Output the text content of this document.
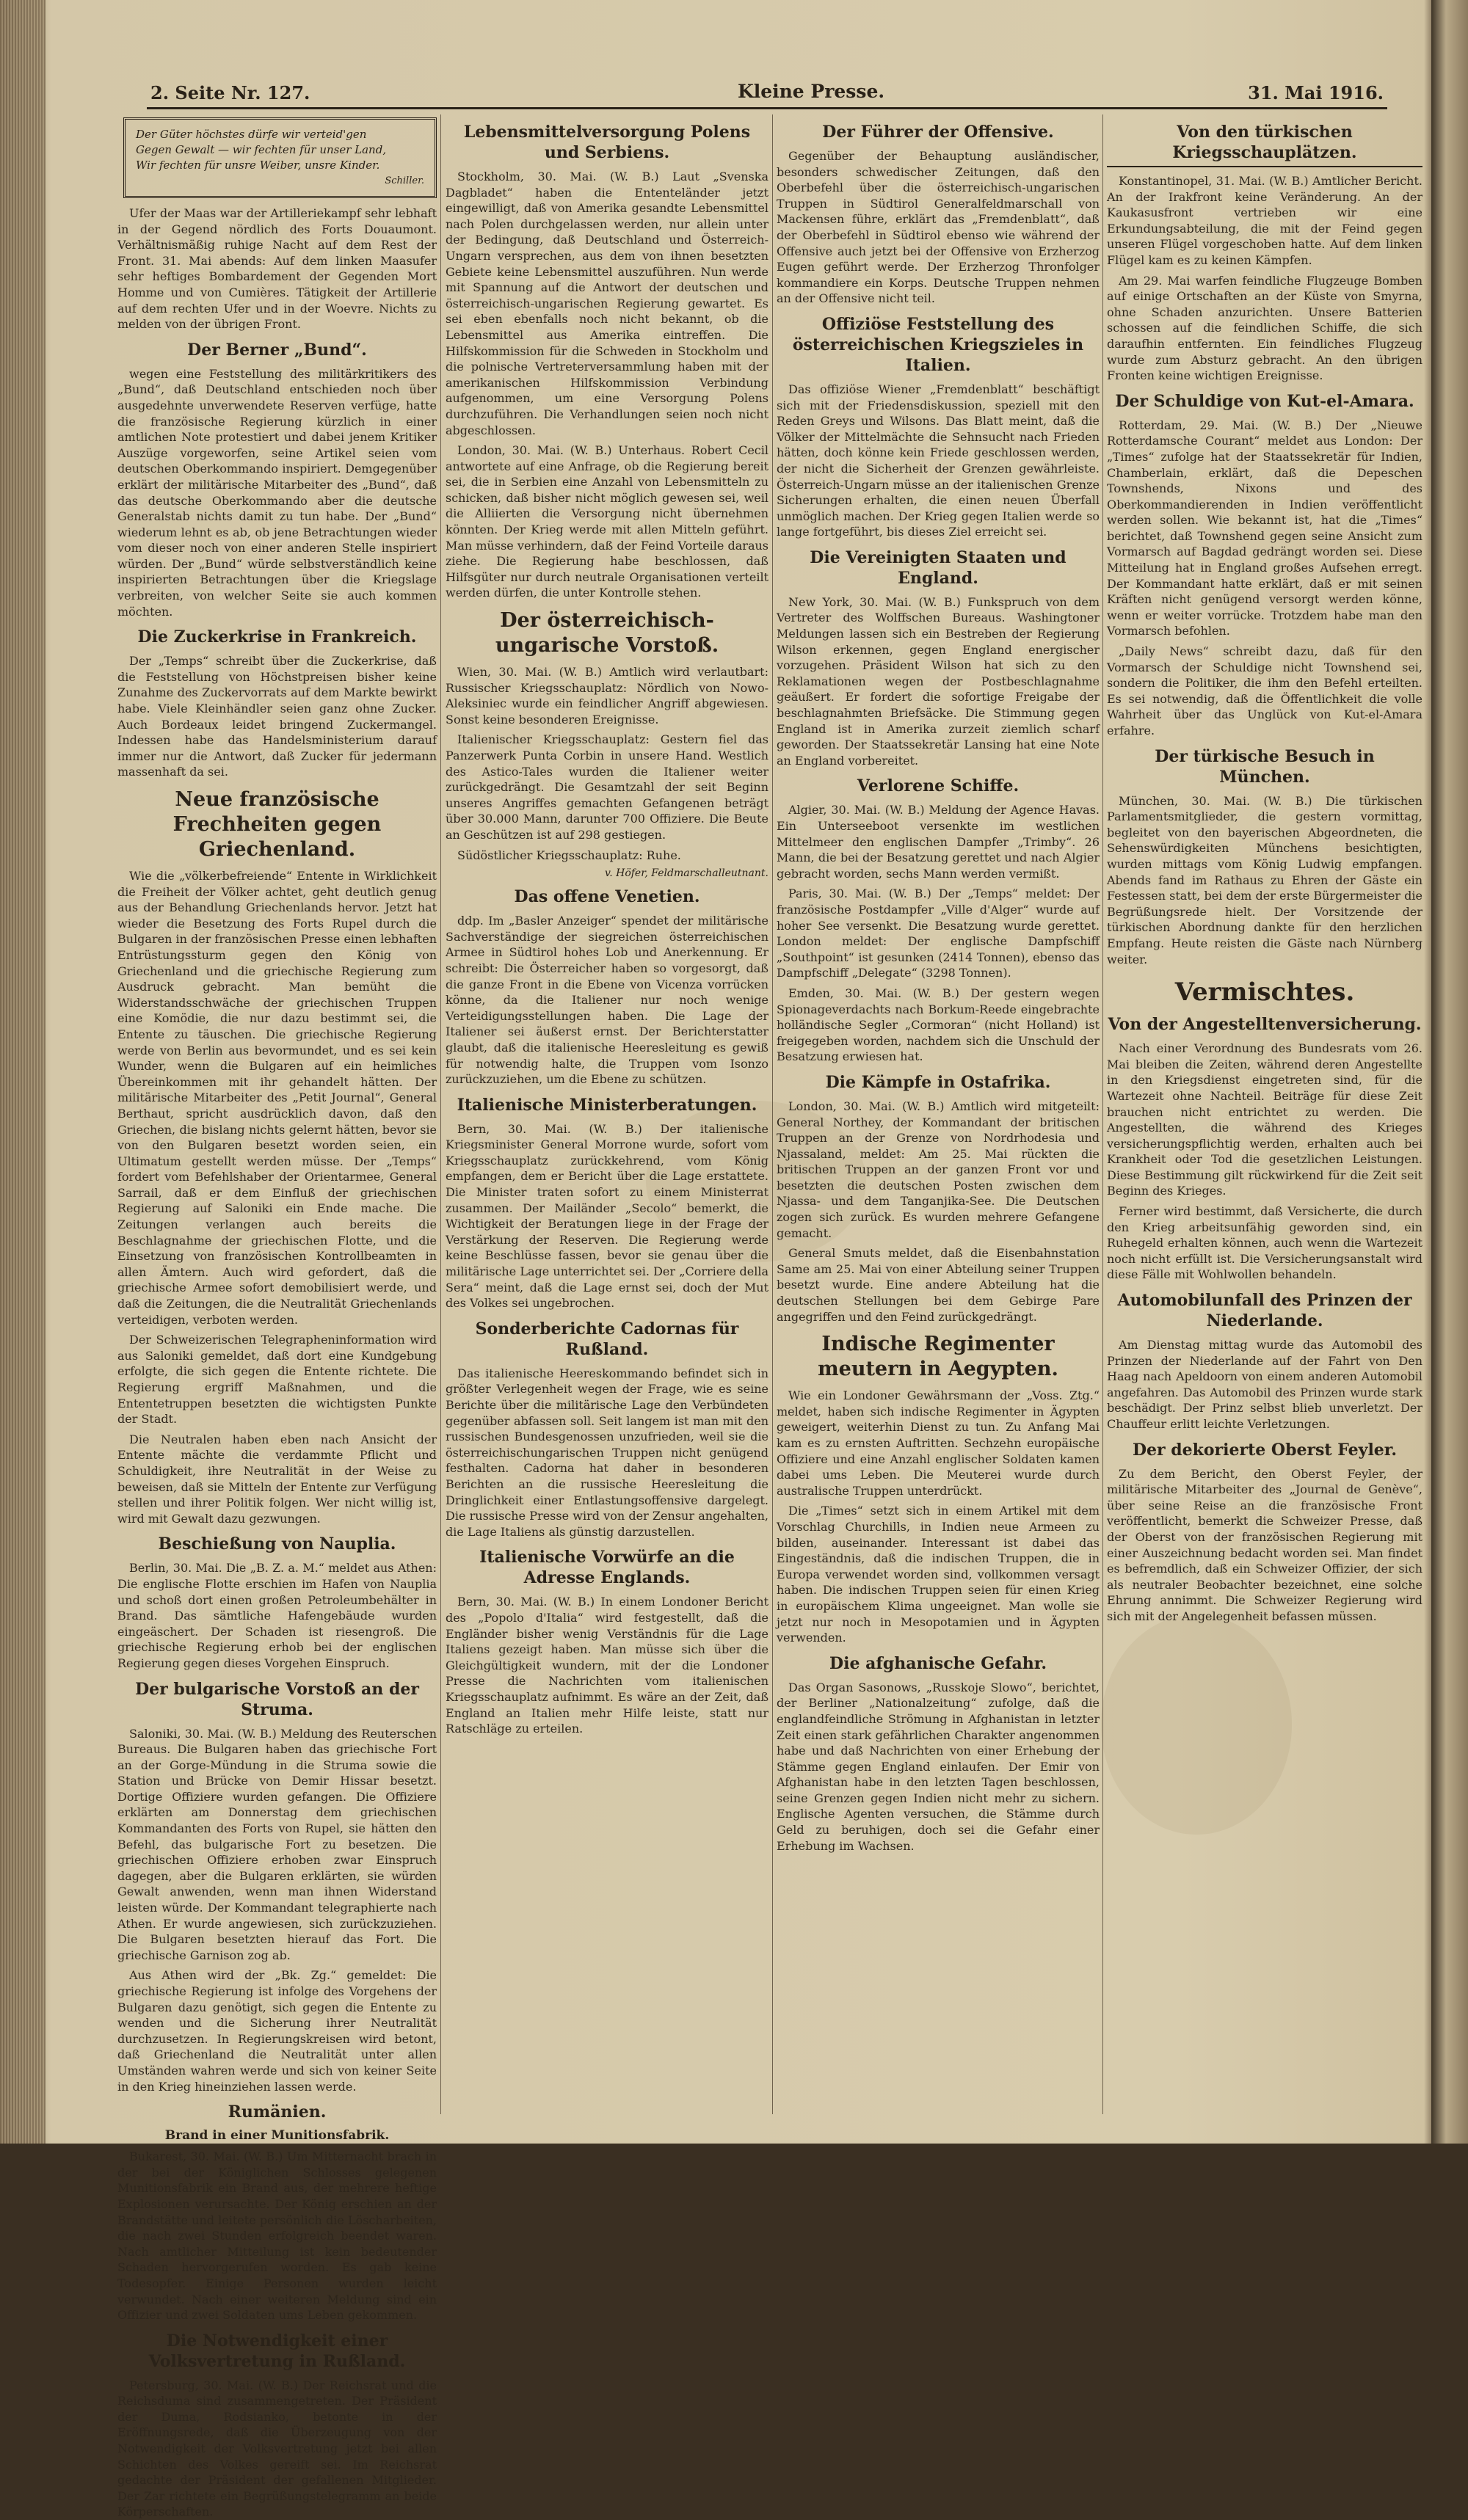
2. Seite Nr. 127.	Kleine Presse.	31. Mai 1916.
Der Güter höchstes dürfe wir verteid'gen
Gegen Gewalt — wir fechten für unser Land,
Wir fechten für unsre Weiber, unsre Kinder.
Schiller.

Ufer der Maas war der Artilleriekampf sehr lebhaft in der Gegend nördlich des Forts Douaumont. Verhältnismäßig ruhige Nacht auf dem Rest der Front. 31. Mai abends: Auf dem linken Maasufer sehr heftiges Bombardement der Gegenden Mort Homme und von Cumières. Tätigkeit der Artillerie auf dem rechten Ufer und in der Woevre. Nichts zu melden von der übrigen Front.

Der Berner „Bund“.

wegen eine Feststellung des militärkritikers des „Bund“, daß Deutschland entschieden noch über ausgedehnte unverwendete Reserven verfüge, hatte die französische Regierung kürzlich in einer amtlichen Note protestiert und dabei jenem Kritiker Auszüge vorgeworfen, seine Artikel seien vom deutschen Oberkommando inspiriert. Demgegenüber erklärt der militärische Mitarbeiter des „Bund“, daß das deutsche Oberkommando aber die deutsche Generalstab nichts damit zu tun habe. Der „Bund“ wiederum lehnt es ab, ob jene Betrachtungen wieder vom dieser noch von einer anderen Stelle inspiriert würden. Der „Bund“ würde selbstverständlich keine inspirierten Betrachtungen über die Kriegslage verbreiten, von welcher Seite sie auch kommen möchten.

Die Zuckerkrise in Frankreich.

Der „Temps“ schreibt über die Zuckerkrise, daß die Feststellung von Höchstpreisen bisher keine Zunahme des Zuckervorrats auf dem Markte bewirkt habe. Viele Kleinhändler seien ganz ohne Zucker. Auch Bordeaux leidet bringend Zuckermangel. Indessen habe das Handelsministerium darauf immer nur die Antwort, daß Zucker für jedermann massenhaft da sei.

Neue französische Frechheiten gegen Griechenland.

Wie die „völkerbefreiende“ Entente in Wirklichkeit die Freiheit der Völker achtet, geht deutlich genug aus der Behandlung Griechenlands hervor. Jetzt hat wieder die Besetzung des Forts Rupel durch die Bulgaren in der französischen Presse einen lebhaften Entrüstungssturm gegen den König von Griechenland und die griechische Regierung zum Ausdruck gebracht. Man bemüht die Widerstandsschwäche der griechischen Truppen eine Komödie, die nur dazu bestimmt sei, die Entente zu täuschen. Die griechische Regierung werde von Berlin aus bevormundet, und es sei kein Wunder, wenn die Bulgaren auf ein heimliches Übereinkommen mit ihr gehandelt hätten. Der militärische Mitarbeiter des „Petit Journal“, General Berthaut, spricht ausdrücklich davon, daß den Griechen, die bislang nichts gelernt hätten, bevor sie von den Bulgaren besetzt worden seien, ein Ultimatum gestellt werden müsse. Der „Temps“ fordert vom Befehlshaber der Orientarmee, General Sarrail, daß er dem Einfluß der griechischen Regierung auf Saloniki ein Ende mache. Die Zeitungen verlangen auch bereits die Beschlagnahme der griechischen Flotte, und die Einsetzung von französischen Kontrollbeamten in allen Ämtern. Auch wird gefordert, daß die griechische Armee sofort demobilisiert werde, und daß die Zeitungen, die die Neutralität Griechenlands verteidigen, verboten werden.

Der Schweizerischen Telegrapheninformation wird aus Saloniki gemeldet, daß dort eine Kundgebung erfolgte, die sich gegen die Entente richtete. Die Regierung ergriff Maßnahmen, und die Ententetruppen besetzten die wichtigsten Punkte der Stadt.

Die Neutralen haben eben nach Ansicht der Entente mächte die verdammte Pflicht und Schuldigkeit, ihre Neutralität in der Weise zu beweisen, daß sie Mitteln der Entente zur Verfügung stellen und ihrer Politik folgen. Wer nicht willig ist, wird mit Gewalt dazu gezwungen.

Beschießung von Nauplia.

Berlin, 30. Mai. Die „B. Z. a. M.“ meldet aus Athen: Die englische Flotte erschien im Hafen von Nauplia und schoß dort einen großen Petroleumbehälter in Brand. Das sämtliche Hafengebäude wurden eingeäschert. Der Schaden ist riesengroß. Die griechische Regierung erhob bei der englischen Regierung gegen dieses Vorgehen Einspruch.

Der bulgarische Vorstoß an der Struma.

Saloniki, 30. Mai. (W. B.) Meldung des Reuterschen Bureaus. Die Bulgaren haben das griechische Fort an der Gorge-Mündung in die Struma sowie die Station und Brücke von Demir Hissar besetzt. Dortige Offiziere wurden gefangen. Die Offiziere erklärten am Donnerstag dem griechischen Kommandanten des Forts von Rupel, sie hätten den Befehl, das bulgarische Fort zu besetzen. Die griechischen Offiziere erhoben zwar Einspruch dagegen, aber die Bulgaren erklärten, sie würden Gewalt anwenden, wenn man ihnen Widerstand leisten würde. Der Kommandant telegraphierte nach Athen. Er wurde angewiesen, sich zurückzuziehen. Die Bulgaren besetzten hierauf das Fort. Die griechische Garnison zog ab.

Aus Athen wird der „Bk. Zg.“ gemeldet: Die griechische Regierung ist infolge des Vorgehens der Bulgaren dazu genötigt, sich gegen die Entente zu wenden und die Sicherung ihrer Neutralität durchzusetzen. In Regierungskreisen wird betont, daß Griechenland die Neutralität unter allen Umständen wahren werde und sich von keiner Seite in den Krieg hineinziehen lassen werde.

Rumänien.
Brand in einer Munitionsfabrik.

Bukarest, 30. Mai. (W. B.) Um Mitternacht brach in der bei der Königlichen Schlosses gelegenen Munitionsfabrik ein Brand aus, der mehrere heftige Explosionen verursachte. Der König erschien an der Brandstätte und leitete persönlich die Löscharbeiten, die nach zwei Stunden erfolgreich beendet waren. Nach amtlicher Mitteilung ist kein bedeutender Schaden hervorgerufen worden. Es gab keine Todesopfer. Einige Personen wurden leicht verwundet. Nach einer weiteren Meldung sind ein Offizier und zwei Soldaten ums Leben gekommen.

Die Notwendigkeit einer Volksvertretung in Rußland.

Petersburg, 30. Mai. (W. B.) Der Reichsrat und die Reichsduma sind zusammengetreten. Der Präsident der Duma, Rodsianko, betonte in der Eröffnungsrede, daß die Überzeugung von der Notwendigkeit der Volksvertretung jetzt bei allen Schichten des Volkes gereift sei. Im Reichsrat gedachte der Präsident der gefallenen Mitglieder. Der Zar richtete ein Begrüßungstelegramm an beide Körperschaften.

Lebensmittelversorgung Polens und Serbiens.

Stockholm, 30. Mai. (W. B.) Laut „Svenska Dagbladet“ haben die Ententeländer jetzt eingewilligt, daß von Amerika gesandte Lebensmittel nach Polen durchgelassen werden, nur allein unter der Bedingung, daß Deutschland und Österreich-Ungarn versprechen, aus dem von ihnen besetzten Gebiete keine Lebensmittel auszuführen. Nun werde mit Spannung auf die Antwort der deutschen und österreichisch-ungarischen Regierung gewartet. Es sei eben ebenfalls noch nicht bekannt, ob die Lebensmittel aus Amerika eintreffen. Die Hilfskommission für die Schweden in Stockholm und die polnische Vertreterversammlung haben mit der amerikanischen Hilfskommission Verbindung aufgenommen, um eine Versorgung Polens durchzuführen. Die Verhandlungen seien noch nicht abgeschlossen.

London, 30. Mai. (W. B.) Unterhaus. Robert Cecil antwortete auf eine Anfrage, ob die Regierung bereit sei, die in Serbien eine Anzahl von Lebensmitteln zu schicken, daß bisher nicht möglich gewesen sei, weil die Alliierten die Versorgung nicht übernehmen könnten. Der Krieg werde mit allen Mitteln geführt. Man müsse verhindern, daß der Feind Vorteile daraus ziehe. Die Regierung habe beschlossen, daß Hilfsgüter nur durch neutrale Organisationen verteilt werden dürfen, die unter Kontrolle stehen.

Der österreichisch-ungarische Vorstoß.

Wien, 30. Mai. (W. B.) Amtlich wird verlautbart: Russischer Kriegsschauplatz: Nördlich von Nowo-Aleksiniec wurde ein feindlicher Angriff abgewiesen. Sonst keine besonderen Ereignisse.

Italienischer Kriegsschauplatz: Gestern fiel das Panzerwerk Punta Corbin in unsere Hand. Westlich des Astico-Tales wurden die Italiener weiter zurückgedrängt. Die Gesamtzahl der seit Beginn unseres Angriffes gemachten Gefangenen beträgt über 30.000 Mann, darunter 700 Offiziere. Die Beute an Geschützen ist auf 298 gestiegen.

Südöstlicher Kriegsschauplatz: Ruhe.

v. Höfer, Feldmarschalleutnant.
Das offene Venetien.

ddp. Im „Basler Anzeiger“ spendet der militärische Sachverständige der siegreichen österreichischen Armee in Südtirol hohes Lob und Anerkennung. Er schreibt: Die Österreicher haben so vorgesorgt, daß die ganze Front in die Ebene von Vicenza vorrücken könne, da die Italiener nur noch wenige Verteidigungsstellungen haben. Die Lage der Italiener sei äußerst ernst. Der Berichterstatter glaubt, daß die italienische Heeresleitung es gewiß für notwendig halte, die Truppen vom Isonzo zurückzuziehen, um die Ebene zu schützen.

Italienische Ministerberatungen.

Bern, 30. Mai. (W. B.) Der italienische Kriegsminister General Morrone wurde, sofort vom Kriegsschauplatz zurückkehrend, vom König empfangen, dem er Bericht über die Lage erstattete. Die Minister traten sofort zu einem Ministerrat zusammen. Der Mailänder „Secolo“ bemerkt, die Wichtigkeit der Beratungen liege in der Frage der Verstärkung der Reserven. Die Regierung werde keine Beschlüsse fassen, bevor sie genau über die militärische Lage unterrichtet sei. Der „Corriere della Sera“ meint, daß die Lage ernst sei, doch der Mut des Volkes sei ungebrochen.

Sonderberichte Cadornas für Rußland.

Das italienische Heereskommando befindet sich in größter Verlegenheit wegen der Frage, wie es seine Berichte über die militärische Lage den Verbündeten gegenüber abfassen soll. Seit langem ist man mit den russischen Bundesgenossen unzufrieden, weil sie die österreichischungarischen Truppen nicht genügend festhalten. Cadorna hat daher in besonderen Berichten an die russische Heeresleitung die Dringlichkeit einer Entlastungsoffensive dargelegt. Die russische Presse wird von der Zensur angehalten, die Lage Italiens als günstig darzustellen.

Italienische Vorwürfe an die Adresse Englands.

Bern, 30. Mai. (W. B.) In einem Londoner Bericht des „Popolo d'Italia“ wird festgestellt, daß die Engländer bisher wenig Verständnis für die Lage Italiens gezeigt haben. Man müsse sich über die Gleichgültigkeit wundern, mit der die Londoner Presse die Nachrichten vom italienischen Kriegsschauplatz aufnimmt. Es wäre an der Zeit, daß England an Italien mehr Hilfe leiste, statt nur Ratschläge zu erteilen.

Der Führer der Offensive.

Gegenüber der Behauptung ausländischer, besonders schwedischer Zeitungen, daß den Oberbefehl über die österreichisch-ungarischen Truppen in Südtirol Generalfeldmarschall von Mackensen führe, erklärt das „Fremdenblatt“, daß der Oberbefehl in Südtirol ebenso wie während der Offensive auch jetzt bei der Offensive von Erzherzog Eugen geführt werde. Der Erzherzog Thronfolger kommandiere ein Korps. Deutsche Truppen nehmen an der Offensive nicht teil.

Offiziöse Feststellung des österreichischen Kriegszieles in Italien.

Das offiziöse Wiener „Fremdenblatt“ beschäftigt sich mit der Friedensdiskussion, speziell mit den Reden Greys und Wilsons. Das Blatt meint, daß die Völker der Mittelmächte die Sehnsucht nach Frieden hätten, doch könne kein Friede geschlossen werden, der nicht die Sicherheit der Grenzen gewährleiste. Österreich-Ungarn müsse an der italienischen Grenze Sicherungen erhalten, die einen neuen Überfall unmöglich machen. Der Krieg gegen Italien werde so lange fortgeführt, bis dieses Ziel erreicht sei.

Die Vereinigten Staaten und England.

New York, 30. Mai. (W. B.) Funkspruch von dem Vertreter des Wolffschen Bureaus. Washingtoner Meldungen lassen sich ein Bestreben der Regierung Wilson erkennen, gegen England energischer vorzugehen. Präsident Wilson hat sich zu den Reklamationen wegen der Postbeschlagnahme geäußert. Er fordert die sofortige Freigabe der beschlagnahmten Briefsäcke. Die Stimmung gegen England ist in Amerika zurzeit ziemlich scharf geworden. Der Staatssekretär Lansing hat eine Note an England vorbereitet.

Verlorene Schiffe.

Algier, 30. Mai. (W. B.) Meldung der Agence Havas. Ein Unterseeboot versenkte im westlichen Mittelmeer den englischen Dampfer „Trimby“. 26 Mann, die bei der Besatzung gerettet und nach Algier gebracht worden, sechs Mann werden vermißt.

Paris, 30. Mai. (W. B.) Der „Temps“ meldet: Der französische Postdampfer „Ville d'Alger“ wurde auf hoher See versenkt. Die Besatzung wurde gerettet. London meldet: Der englische Dampfschiff „Southpoint“ ist gesunken (2414 Tonnen), ebenso das Dampfschiff „Delegate“ (3298 Tonnen).

Emden, 30. Mai. (W. B.) Der gestern wegen Spionageverdachts nach Borkum-Reede eingebrachte holländische Segler „Cormoran“ (nicht Holland) ist freigegeben worden, nachdem sich die Unschuld der Besatzung erwiesen hat.

Die Kämpfe in Ostafrika.

London, 30. Mai. (W. B.) Amtlich wird mitgeteilt: General Northey, der Kommandant der britischen Truppen an der Grenze von Nordrhodesia und Njassaland, meldet: Am 25. Mai rückten die britischen Truppen an der ganzen Front vor und besetzten die deutschen Posten zwischen dem Njassa- und dem Tanganjika-See. Die Deutschen zogen sich zurück. Es wurden mehrere Gefangene gemacht.

General Smuts meldet, daß die Eisenbahnstation Same am 25. Mai von einer Abteilung seiner Truppen besetzt wurde. Eine andere Abteilung hat die deutschen Stellungen bei dem Gebirge Pare angegriffen und den Feind zurückgedrängt.

Indische Regimenter meutern in Aegypten.

Wie ein Londoner Gewährsmann der „Voss. Ztg.“ meldet, haben sich indische Regimenter in Ägypten geweigert, weiterhin Dienst zu tun. Zu Anfang Mai kam es zu ernsten Auftritten. Sechzehn europäische Offiziere und eine Anzahl englischer Soldaten kamen dabei ums Leben. Die Meuterei wurde durch australische Truppen unterdrückt.

Die „Times“ setzt sich in einem Artikel mit dem Vorschlag Churchills, in Indien neue Armeen zu bilden, auseinander. Interessant ist dabei das Eingeständnis, daß die indischen Truppen, die in Europa verwendet worden sind, vollkommen versagt haben. Die indischen Truppen seien für einen Krieg in europäischem Klima ungeeignet. Man wolle sie jetzt nur noch in Mesopotamien und in Ägypten verwenden.

Die afghanische Gefahr.

Das Organ Sasonows, „Russkoje Slowo“, berichtet, der Berliner „Nationalzeitung“ zufolge, daß die englandfeindliche Strömung in Afghanistan in letzter Zeit einen stark gefährlichen Charakter angenommen habe und daß Nachrichten von einer Erhebung der Stämme gegen England einlaufen. Der Emir von Afghanistan habe in den letzten Tagen beschlossen, seine Grenzen gegen Indien nicht mehr zu sichern. Englische Agenten versuchen, die Stämme durch Geld zu beruhigen, doch sei die Gefahr einer Erhebung im Wachsen.

Von den türkischen Kriegsschauplätzen.

Konstantinopel, 31. Mai. (W. B.) Amtlicher Bericht. An der Irakfront keine Veränderung. An der Kaukasusfront vertrieben wir eine Erkundungsabteilung, die mit der Feind gegen unseren Flügel vorgeschoben hatte. Auf dem linken Flügel kam es zu keinen Kämpfen.

Am 29. Mai warfen feindliche Flugzeuge Bomben auf einige Ortschaften an der Küste von Smyrna, ohne Schaden anzurichten. Unsere Batterien schossen auf die feindlichen Schiffe, die sich daraufhin entfernten. Ein feindliches Flugzeug wurde zum Absturz gebracht. An den übrigen Fronten keine wichtigen Ereignisse.

Der Schuldige von Kut-el-Amara.

Rotterdam, 29. Mai. (W. B.) Der „Nieuwe Rotterdamsche Courant“ meldet aus London: Der „Times“ zufolge hat der Staatssekretär für Indien, Chamberlain, erklärt, daß die Depeschen Townshends, Nixons und des Oberkommandierenden in Indien veröffentlicht werden sollen. Wie bekannt ist, hat die „Times“ berichtet, daß Townshend gegen seine Ansicht zum Vormarsch auf Bagdad gedrängt worden sei. Diese Mitteilung hat in England großes Aufsehen erregt. Der Kommandant hatte erklärt, daß er mit seinen Kräften nicht genügend versorgt werden könne, wenn er weiter vorrücke. Trotzdem habe man den Vormarsch befohlen.

„Daily News“ schreibt dazu, daß für den Vormarsch der Schuldige nicht Townshend sei, sondern die Politiker, die ihm den Befehl erteilten. Es sei notwendig, daß die Öffentlichkeit die volle Wahrheit über das Unglück von Kut-el-Amara erfahre.

Der türkische Besuch in München.

München, 30. Mai. (W. B.) Die türkischen Parlamentsmitglieder, die gestern vormittag, begleitet von den bayerischen Abgeordneten, die Sehenswürdigkeiten Münchens besichtigten, wurden mittags vom König Ludwig empfangen. Abends fand im Rathaus zu Ehren der Gäste ein Festessen statt, bei dem der erste Bürgermeister die Begrüßungsrede hielt. Der Vorsitzende der türkischen Abordnung dankte für den herzlichen Empfang. Heute reisten die Gäste nach Nürnberg weiter.

Vermischtes.
Von der Angestelltenversicherung.

Nach einer Verordnung des Bundesrats vom 26. Mai bleiben die Zeiten, während deren Angestellte in den Kriegsdienst eingetreten sind, für die Wartezeit ohne Nachteil. Beiträge für diese Zeit brauchen nicht entrichtet zu werden. Die Angestellten, die während des Krieges versicherungspflichtig werden, erhalten auch bei Krankheit oder Tod die gesetzlichen Leistungen. Diese Bestimmung gilt rückwirkend für die Zeit seit Beginn des Krieges.

Ferner wird bestimmt, daß Versicherte, die durch den Krieg arbeitsunfähig geworden sind, ein Ruhegeld erhalten können, auch wenn die Wartezeit noch nicht erfüllt ist. Die Versicherungsanstalt wird diese Fälle mit Wohlwollen behandeln.

Automobilunfall des Prinzen der Niederlande.

Am Dienstag mittag wurde das Automobil des Prinzen der Niederlande auf der Fahrt von Den Haag nach Apeldoorn von einem anderen Automobil angefahren. Das Automobil des Prinzen wurde stark beschädigt. Der Prinz selbst blieb unverletzt. Der Chauffeur erlitt leichte Verletzungen.

Der dekorierte Oberst Feyler.

Zu dem Bericht, den Oberst Feyler, der militärische Mitarbeiter des „Journal de Genève“, über seine Reise an die französische Front veröffentlicht, bemerkt die Schweizer Presse, daß der Oberst von der französischen Regierung mit einer Auszeichnung bedacht worden sei. Man findet es befremdlich, daß ein Schweizer Offizier, der sich als neutraler Beobachter bezeichnet, eine solche Ehrung annimmt. Die Schweizer Regierung wird sich mit der Angelegenheit befassen müssen.
